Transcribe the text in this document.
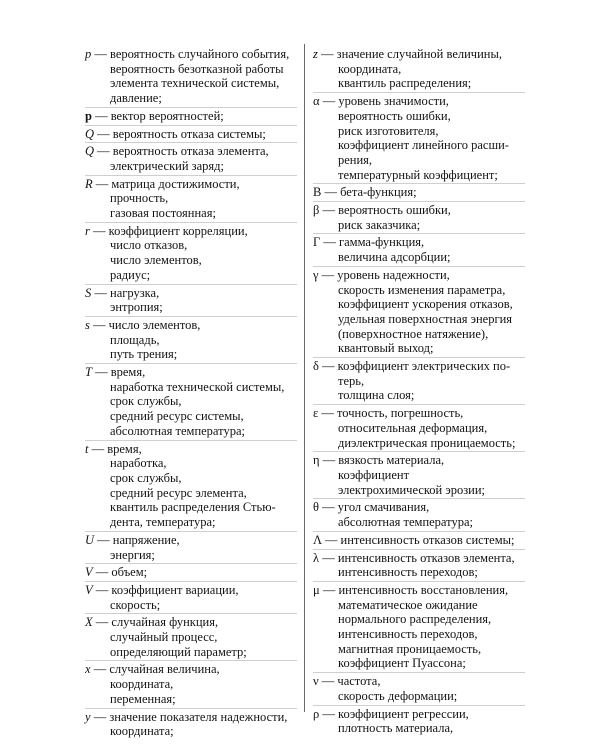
p — вероятность случайного события,
вероятность безотказной работы
элемента технической системы,
давление;
p — вектор вероятностей;
Q — вероятность отказа системы;
Q — вероятность отказа элемента,
электрический заряд;
R — матрица достижимости,
прочность,
газовая постоянная;
r — коэффициент корреляции,
число отказов,
число элементов,
радиус;
S — нагрузка,
энтропия;
s — число элементов,
площадь,
путь трения;
T — время,
наработка технической системы,
срок службы,
средний ресурс системы,
абсолютная температура;
t — время,
наработка,
срок службы,
средний ресурс элемента,
квантиль распределения Стью-
дента, температура;
U — напряжение,
энергия;
V — объем;
V — коэффициент вариации,
скорость;
X — случайная функция,
случайный процесс,
определяющий параметр;
x — случайная величина,
координата,
переменная;
y — значение показателя надежности,
координата;
z — значение случайной величины,
координата,
квантиль распределения;
α — уровень значимости,
вероятность ошибки,
риск изготовителя,
коэффициент линейного расши-
рения,
температурный коэффициент;
В — бета-функция;
β — вероятность ошибки,
риск заказчика;
Г — гамма-функция,
величина адсорбции;
γ — уровень надежности,
скорость изменения параметра,
коэффициент ускорения отказов,
удельная поверхностная энергия
(поверхностное натяжение),
квантовый выход;
δ — коэффициент электрических по-
терь,
толщина слоя;
ε — точность, погрешность,
относительная деформация,
диэлектрическая проницаемость;
η — вязкость материала,
коэффициент
электрохимической эрозии;
θ — угол смачивания,
абсолютная температура;
Λ — интенсивность отказов системы;
λ — интенсивность отказов элемента,
интенсивность переходов;
μ — интенсивность восстановления,
математическое ожидание
нормального распределения,
интенсивность переходов,
магнитная проницаемость,
коэффициент Пуассона;
ν — частота,
скорость деформации;
ρ — коэффициент регрессии,
плотность материала,
